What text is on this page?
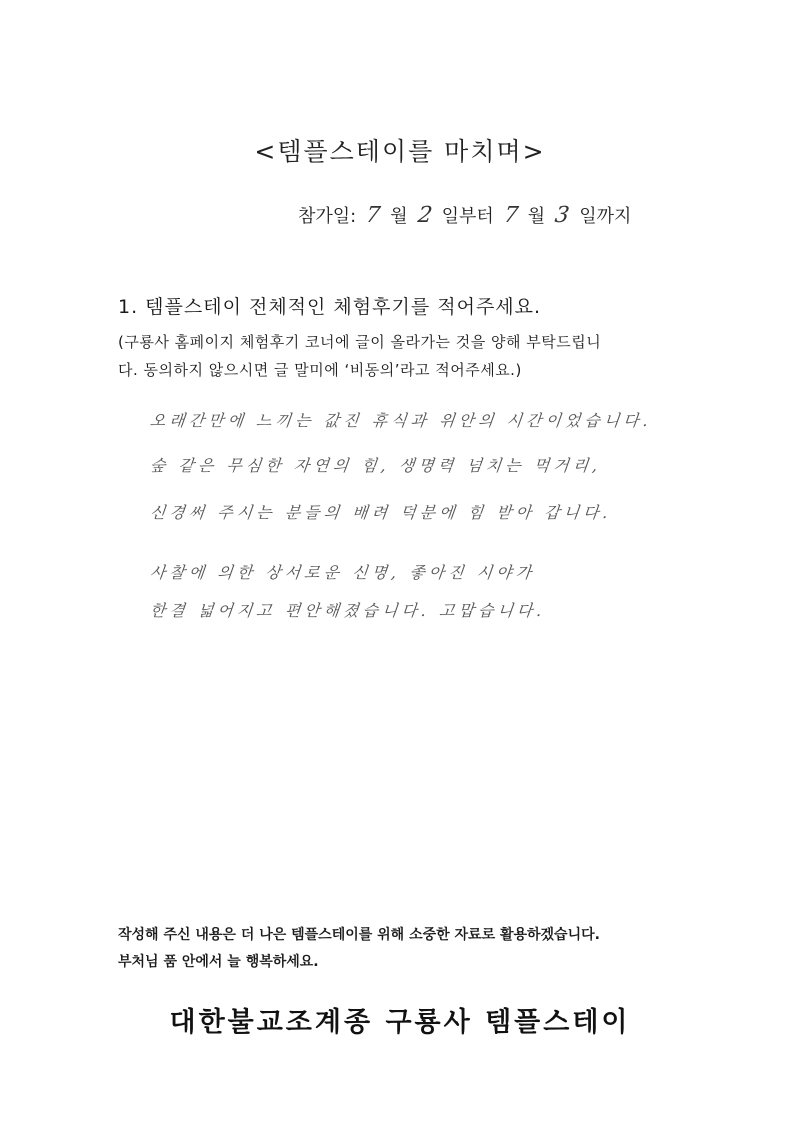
<템플스테이를 마치며>
참가일: 7 월 2 일부터 7 월 3 일까지
1. 템플스테이 전체적인 체험후기를 적어주세요.
(구룡사 홈페이지 체험후기 코너에 글이 올라가는 것을 양해 부탁드립니
다. 동의하지 않으시면 글 말미에 ‘비동의’라고 적어주세요.)
오래간만에 느끼는 값진 휴식과 위안의 시간이었습니다.
숲 같은 무심한 자연의 힘, 생명력 넘치는 먹거리,
신경써 주시는 분들의 배려 덕분에 힘 받아 갑니다.
사찰에 의한 상서로운 신명, 좋아진 시야가
한결 넓어지고 편안해졌습니다. 고맙습니다.
작성해 주신 내용은 더 나은 템플스테이를 위해 소중한 자료로 활용하겠습니다.
부처님 품 안에서 늘 행복하세요.
대한불교조계종 구룡사 템플스테이
